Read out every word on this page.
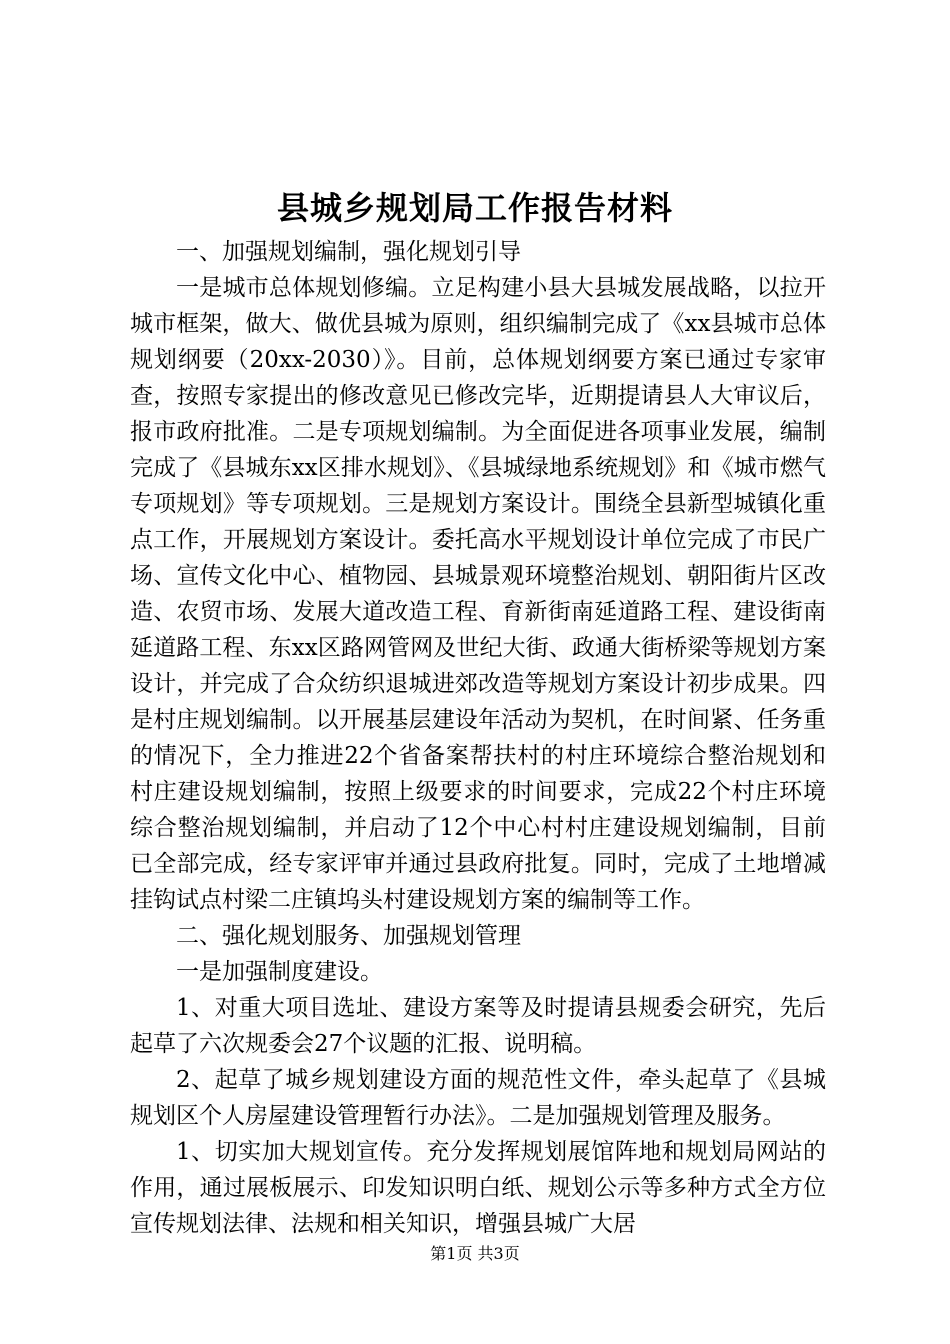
县城乡规划局工作报告材料

一、加强规划编制，强化规划引导

一是城市总体规划修编。立足构建小县大县城发展战略，以拉开城市框架，做大、做优县城为原则，组织编制完成了《xx县城市总体规划纲要（20xx-2030）》。目前，总体规划纲要方案已通过专家审查，按照专家提出的修改意见已修改完毕，近期提请县人大审议后，报市政府批准。二是专项规划编制。为全面促进各项事业发展，编制完成了《县城东xx区排水规划》、《县城绿地系统规划》和《城市燃气专项规划》等专项规划。三是规划方案设计。围绕全县新型城镇化重点工作，开展规划方案设计。委托高水平规划设计单位完成了市民广场、宣传文化中心、植物园、县城景观环境整治规划、朝阳街片区改造、农贸市场、发展大道改造工程、育新街南延道路工程、建设街南延道路工程、东xx区路网管网及世纪大街、政通大街桥梁等规划方案设计，并完成了合众纺织退城进郊改造等规划方案设计初步成果。四是村庄规划编制。以开展基层建设年活动为契机，在时间紧、任务重的情况下，全力推进22个省备案帮扶村的村庄环境综合整治规划和村庄建设规划编制，按照上级要求的时间要求，完成22个村庄环境综合整治规划编制，并启动了12个中心村村庄建设规划编制，目前已全部完成，经专家评审并通过县政府批复。同时，完成了土地增减挂钩试点村梁二庄镇坞头村建设规划方案的编制等工作。

二、强化规划服务、加强规划管理

一是加强制度建设。

1、对重大项目选址、建设方案等及时提请县规委会研究，先后起草了六次规委会27个议题的汇报、说明稿。

2、起草了城乡规划建设方面的规范性文件，牵头起草了《县城规划区个人房屋建设管理暂行办法》。二是加强规划管理及服务。

1、切实加大规划宣传。充分发挥规划展馆阵地和规划局网站的作用，通过展板展示、印发知识明白纸、规划公示等多种方式全方位宣传规划法律、法规和相关知识，增强县城广大居

第1页 共3页
